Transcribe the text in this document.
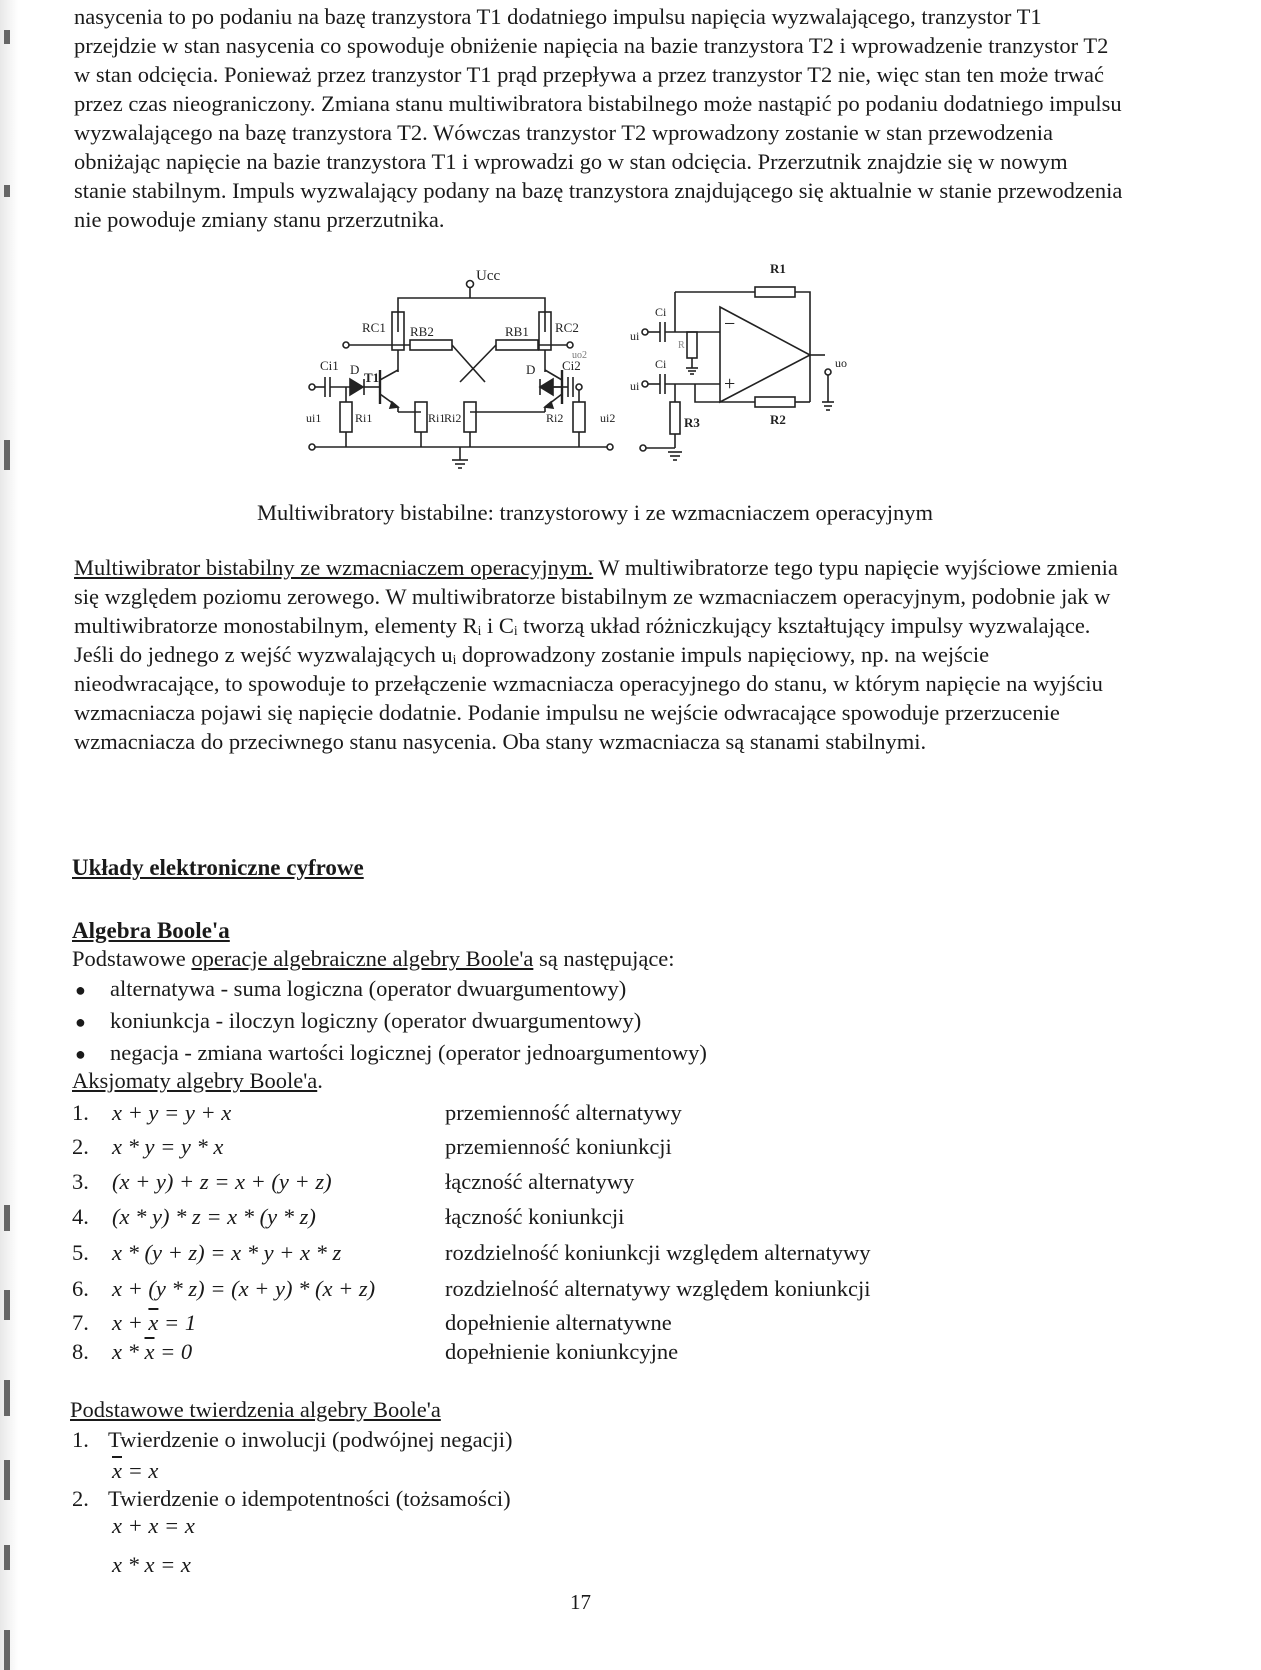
nasycenia to po podaniu na bazę tranzystora T1 dodatniego impulsu napięcia wyzwalającego, tranzystor T1 przejdzie w stan nasycenia co spowoduje obniżenie napięcia na bazie tranzystora T2 i wprowadzenie tranzystor T2 w stan odcięcia. Ponieważ przez tranzystor T1 prąd przepływa a przez tranzystor T2 nie, więc stan ten może trwać przez czas nieograniczony. Zmiana stanu multiwibratora bistabilnego może nastąpić po podaniu dodatniego impulsu wyzwalającego na bazę tranzystora T2. Wówczas tranzystor T2 wprowadzony zostanie w stan przewodzenia obniżając napięcie na bazie tranzystora T1 i wprowadzi go w stan odcięcia. Przerzutnik znajdzie się w nowym stanie stabilnym. Impuls wyzwalający podany na bazę tranzystora znajdującego się aktualnie w stanie przewodzenia nie powoduje zmiany stanu przerzutnika.

Ucc
RC1	RC2
RB2	RB1
uo2
Ci1 D
T1
D Ci2
ui1	Ri1	Ri1
Ri2	Ri2	ui2
R1
ui
Ci
R
−
+
uo
ui
Ci
R3	R2
Multiwibratory bistabilne: tranzystorowy i ze wzmacniaczem operacyjnym

Multiwibrator bistabilny ze wzmacniaczem operacyjnym. W multiwibratorze tego typu napięcie wyjściowe zmienia się względem poziomu zerowego. W multiwibratorze bistabilnym ze wzmacniaczem operacyjnym, podobnie jak w multiwibratorze monostabilnym, elementy Rᵢ i Cᵢ tworzą układ różniczkujący kształtujący impulsy wyzwalające. Jeśli do jednego z wejść wyzwalających uᵢ doprowadzony zostanie impuls napięciowy, np. na wejście nieodwracające, to spowoduje to przełączenie wzmacniacza operacyjnego do stanu, w którym napięcie na wyjściu wzmacniacza pojawi się napięcie dodatnie. Podanie impulsu ne wejście odwracające spowoduje przerzucenie wzmacniacza do przeciwnego stanu nasycenia. Oba stany wzmacniacza są stanami stabilnymi.

Układy elektroniczne cyfrowe
Algebra Boole'a
Podstawowe operacje algebraiczne algebry Boole'a są następujące:
● alternatywa - suma logiczna (operator dwuargumentowy)
● koniunkcja - iloczyn logiczny (operator dwuargumentowy)
● negacja - zmiana wartości logicznej (operator jednoargumentowy)
Aksjomaty algebry Boole'a.
1. x + y = y + x	przemienność alternatywy
2. x * y = y * x	przemienność koniunkcji
3. (x + y) + z = x + (y + z)	łączność alternatywy
4. (x * y) * z = x * (y * z)	łączność koniunkcji
5. x * (y + z) = x * y + x * z	rozdzielność koniunkcji względem alternatywy
6. x + (y * z) = (x + y) * (x + z)	rozdzielność alternatywy względem koniunkcji
7. $x + \overline{x} = 1$	dopełnienie alternatywne
8. $x * \overline{x} = 0$	dopełnienie koniunkcyjne
Podstawowe twierdzenia algebry Boole'a
1. Twierdzenie o inwolucji (podwójnej negacji)
$\overline{x} = x$
2. Twierdzenie o idempotentności (tożsamości)
x + x = x
x * x = x
17
